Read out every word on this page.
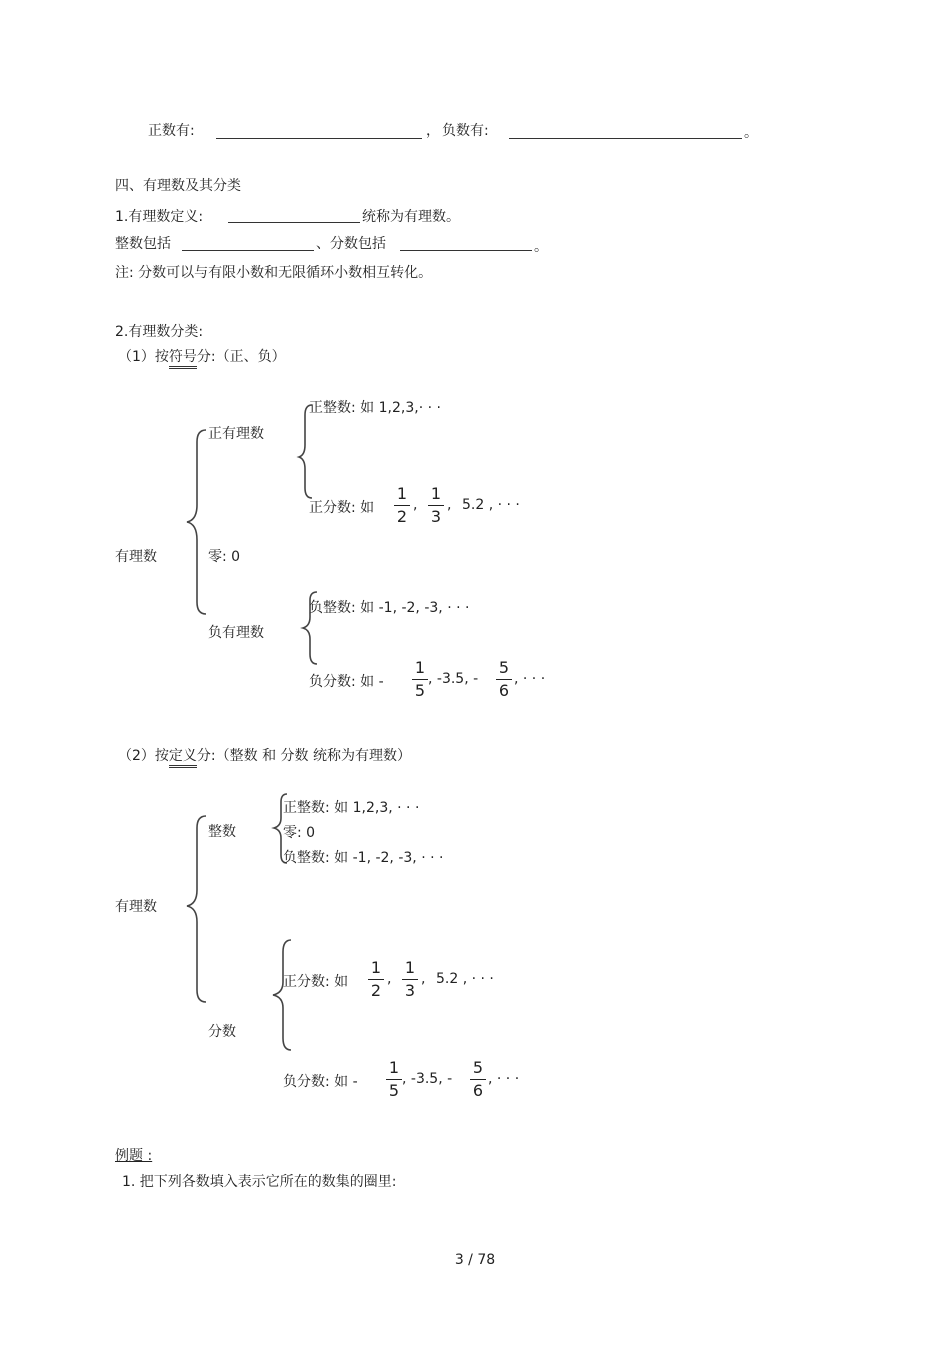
正数有:	， 负数有:	。
四、有理数及其分类
1.有理数定义:	统称为有理数。
整数包括	、分数包括	。
注: 分数可以与有限小数和无限循环小数相互转化。
2.有理数分类:
（1）按符号分:（正、负）
有理数
正有理数
零: 0
负有理数
正整数: 如 1,2,3,· · ·
正分数: 如
1
2
,
1
3
, 5.2 , · · ·
负整数: 如 -1, -2, -3, · · ·
负分数: 如 -
1
5
, -3.5, -
5
6
, · · ·
（2）按定义分:（整数 和 分数 统称为有理数）
有理数
整数
分数
正整数: 如 1,2,3, · · ·
零: 0
负整数: 如 -1, -2, -3, · · ·
正分数: 如
1
2
,
1
3
, 5.2 , · · ·
负分数: 如 -
1
5
, -3.5, -
5
6
, · · ·
例题 :
1. 把下列各数填入表示它所在的数集的圈里:
3 / 78
